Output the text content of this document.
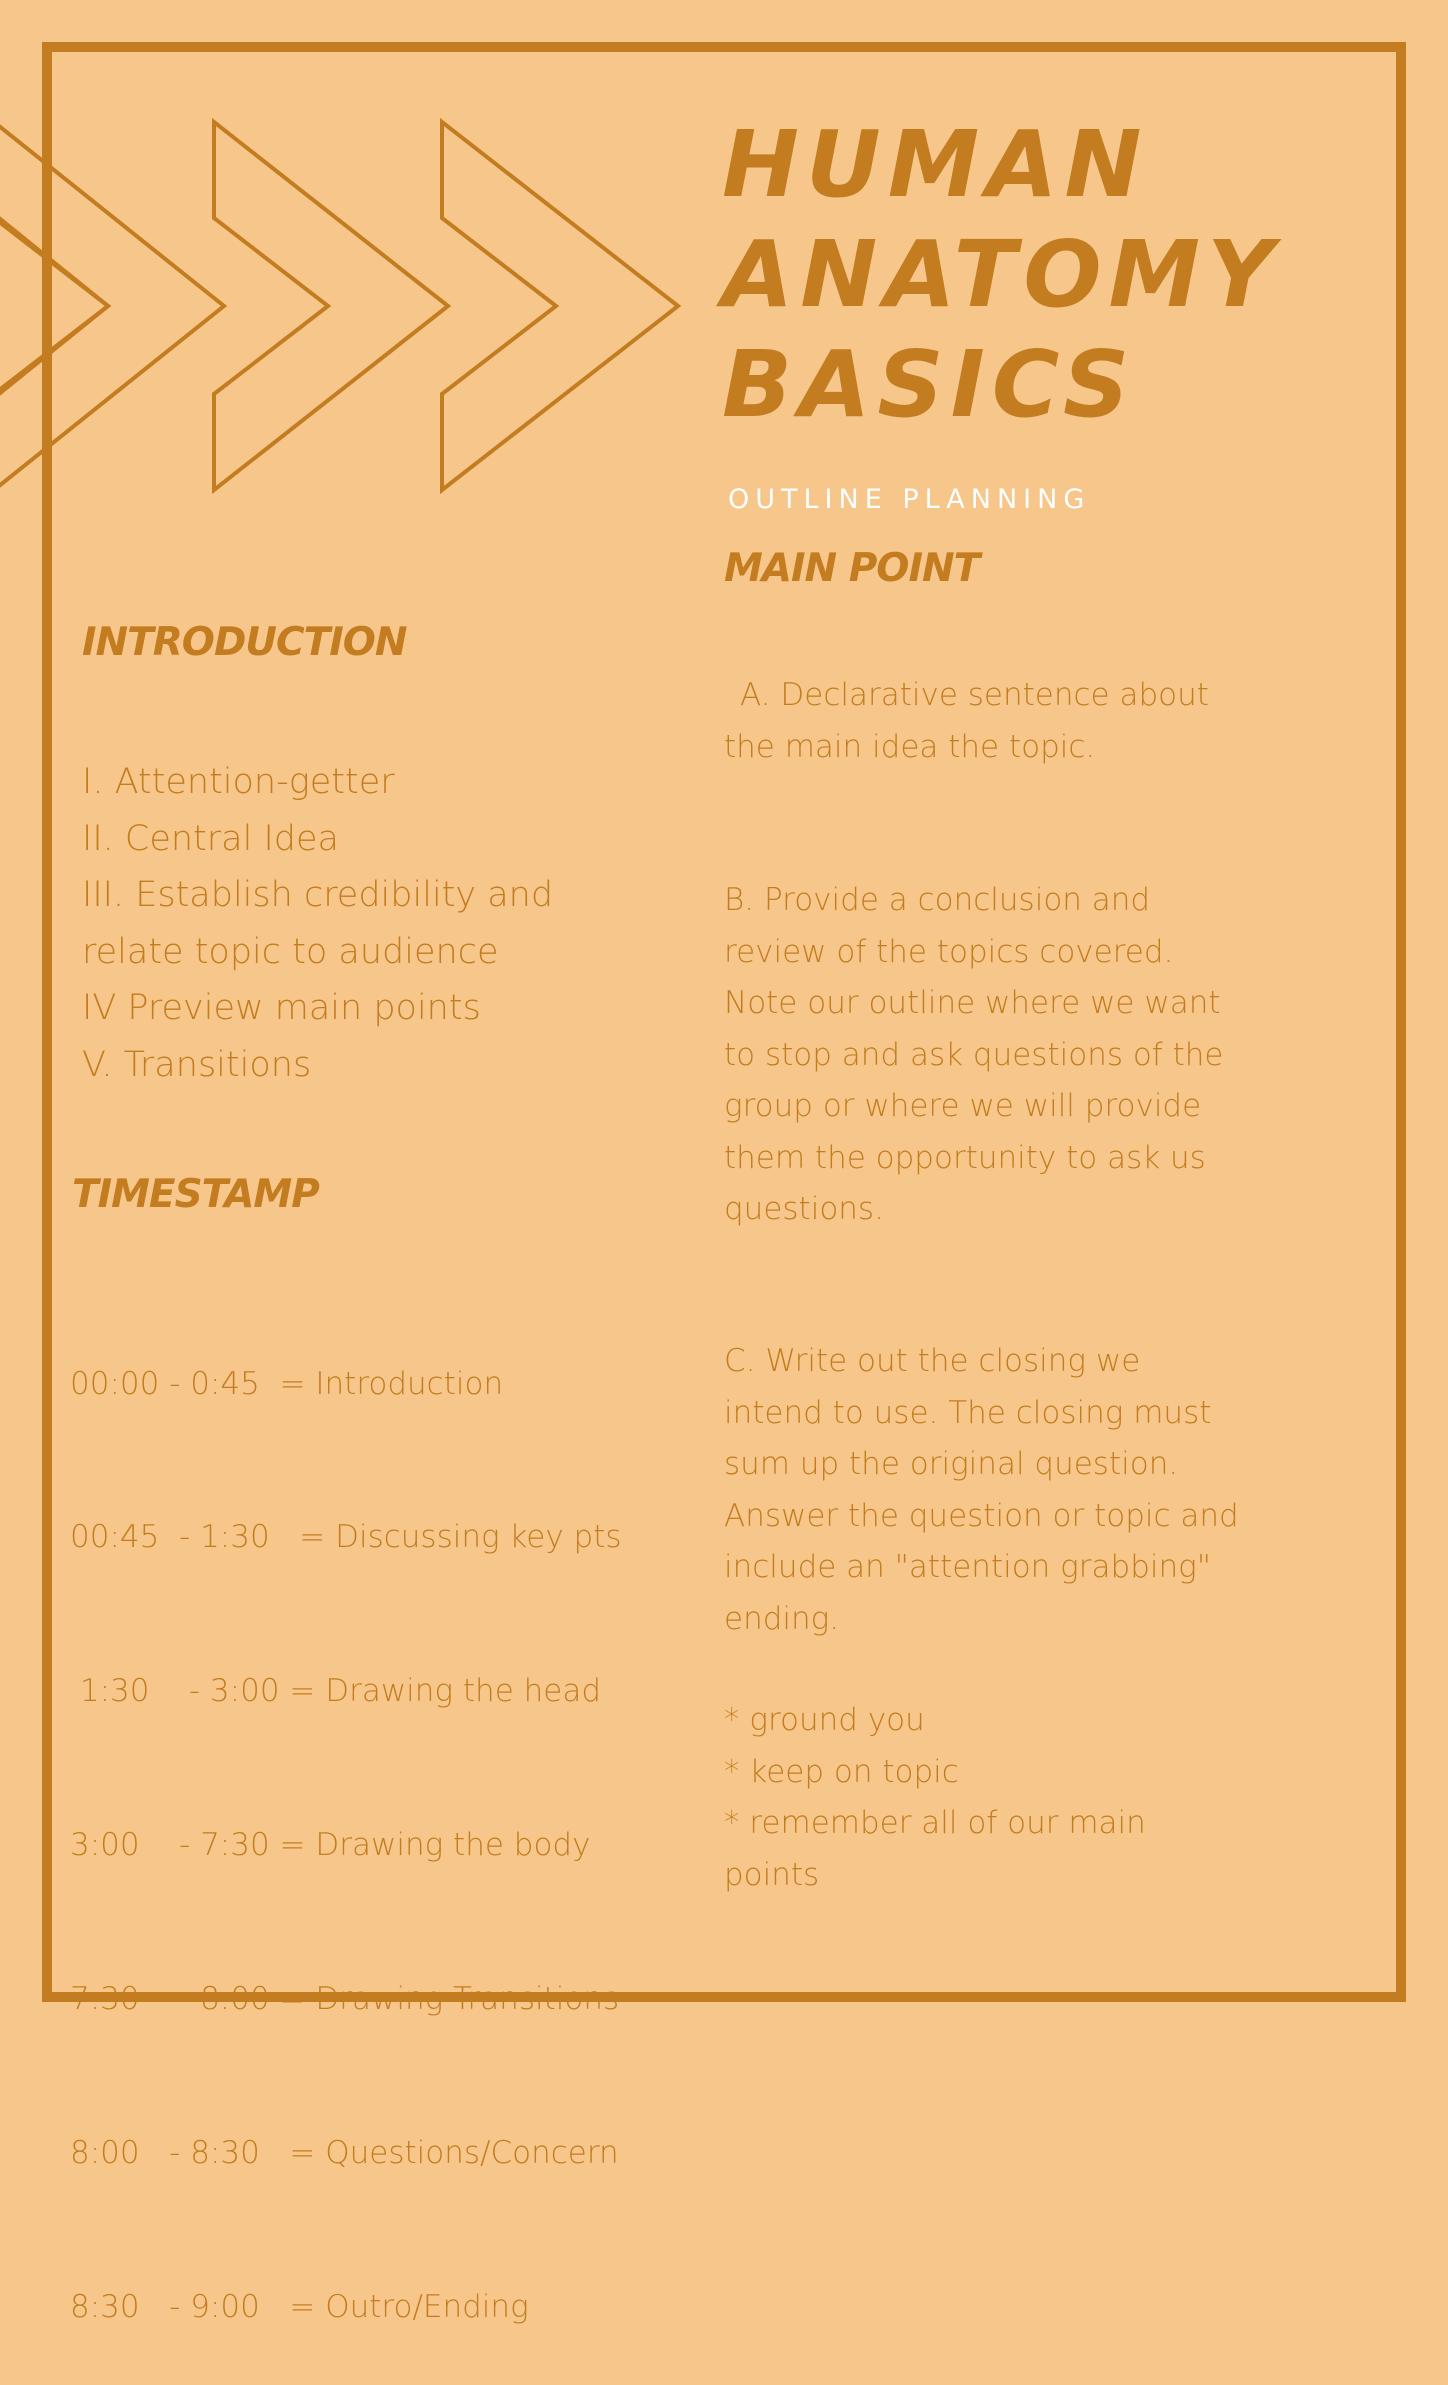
HUMAN
ANATOMY
BASICS
OUTLINE PLANNING
MAIN POINT
A. Declarative sentence about
the main idea the topic.
B. Provide a conclusion and
review of the topics covered.
Note our outline where we want
to stop and ask questions of the
group or where we will provide
them the opportunity to ask us
questions.
C. Write out the closing we
intend to use. The closing must
sum up the original question.
Answer the question or topic and
include an "attention grabbing"
ending.
* ground you
* keep on topic
* remember all of our main
points
INTRODUCTION
I. Attention-getter
II. Central Idea
III. Establish credibility and
relate topic to audience
IV Preview main points
V. Transitions
TIMESTAMP

00:00 - 0:45  = Introduction

00:45  - 1:30   = Discussing key pts

1:30    - 3:00 = Drawing the head

3:00    - 7:30 = Drawing the body

7:30    - 8:00 = Drawing Transitions

8:00   - 8:30   = Questions/Concern

8:30   - 9:00   = Outro/Ending
